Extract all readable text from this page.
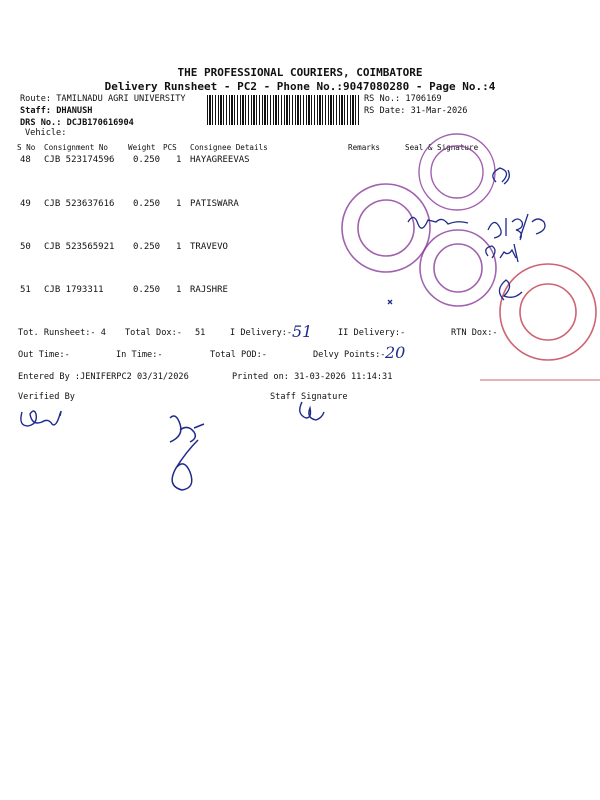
THE PROFESSIONAL COURIERS, COIMBATORE
Delivery Runsheet - PC2 - Phone No.:9047080280 - Page No.:4
Route: TAMILNADU AGRI UNIVERSITY
Staff: DHANUSH
DRS No.: DCJB170616904
Vehicle:
RS No.: 1706169
RS Date: 31-Mar-2026
S No Consignment No	Weight PCS Consignee Details	Remarks	Seal & Signature
48 CJB 523174596 0.250 1 HAYAGREEVAS
49 CJB 523637616 0.250 1 PATISWARA
50 CJB 523565921 0.250 1 TRAVEVO
51 CJB 1793311	0.250 1 RAJSHRE
Tot. Runsheet:- 4 Total Dox:- 51	I Delivery:- 51	II Delivery:-	RTN Dox:-
Out Time:-	In Time:-	Total POD:-	Delvy Points:- 20
Entered By :JENIFERPC2 03/31/2026	Printed on: 31-03-2026 11:14:31
Verified By	Staff Signature
